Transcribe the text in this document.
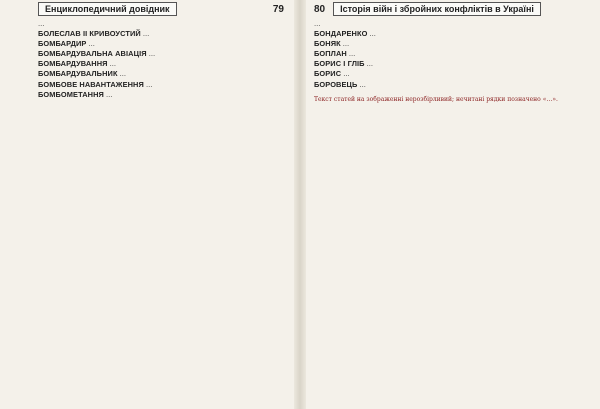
Енциклопедичний довідник	79

…

БОЛЕСЛАВ ІІ КРИВОУСТИЙ …

БОМБАРДИР …

БОМБАРДУВАЛЬНА АВІАЦІЯ …

БОМБАРДУВАННЯ …

БОМБАРДУВАЛЬНИК …

БОМБОВЕ НАВАНТАЖЕННЯ …

БОМБОМЕТАННЯ …

80	Історія війн і збройних конфліктів в Україні

…

БОНДАРЕНКО …

БОНЯК …

БОПЛАН …

БОРИС І ГЛІБ …

БОРИС …

БОРОВЕЦЬ …

Текст статей на зображенні нерозбірливий; нечитані рядки позначено «…».
